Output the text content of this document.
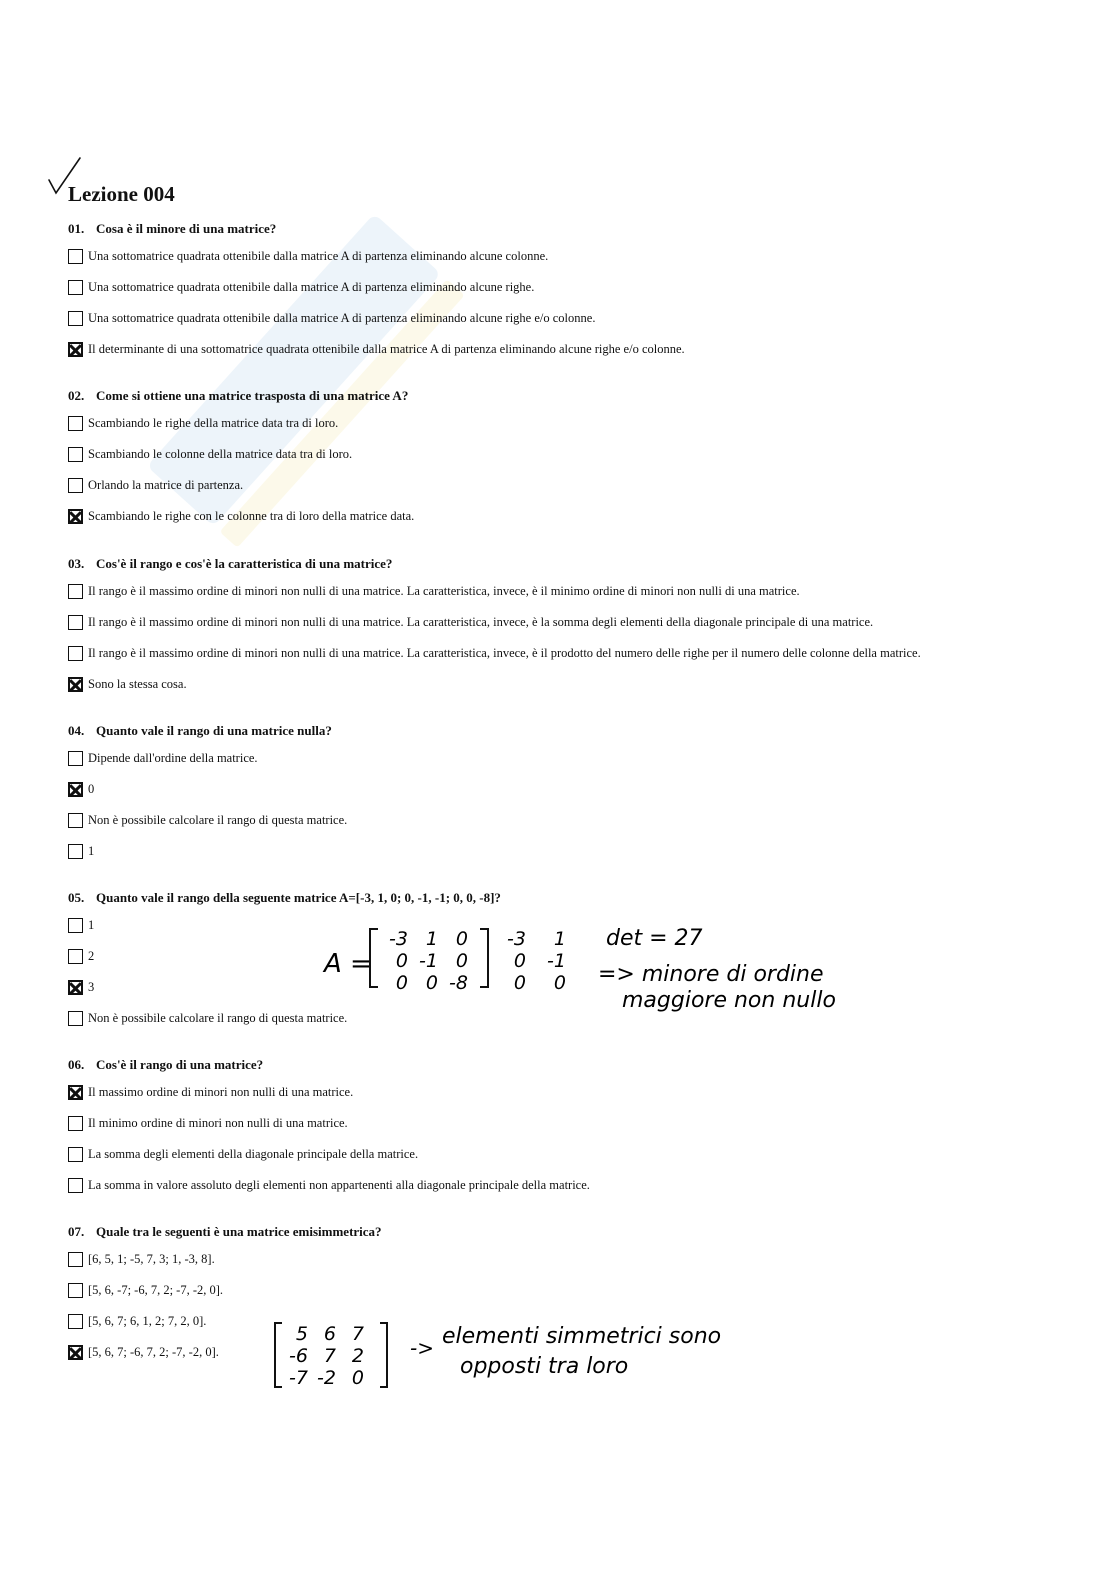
Lezione 004
01. Cosa è il minore di una matrice?
Una sottomatrice quadrata ottenibile dalla matrice A di partenza eliminando alcune colonne.
Una sottomatrice quadrata ottenibile dalla matrice A di partenza eliminando alcune righe.
Una sottomatrice quadrata ottenibile dalla matrice A di partenza eliminando alcune righe e/o colonne.
Il determinante di una sottomatrice quadrata ottenibile dalla matrice A di partenza eliminando alcune righe e/o colonne.
02. Come si ottiene una matrice trasposta di una matrice A?
Scambiando le righe della matrice data tra di loro.
Scambiando le colonne della matrice data tra di loro.
Orlando la matrice di partenza.
Scambiando le righe con le colonne tra di loro della matrice data.
03. Cos'è il rango e cos'è la caratteristica di una matrice?
Il rango è il massimo ordine di minori non nulli di una matrice. La caratteristica, invece, è il minimo ordine di minori non nulli di una matrice.
Il rango è il massimo ordine di minori non nulli di una matrice. La caratteristica, invece, è la somma degli elementi della diagonale principale di una matrice.
Il rango è il massimo ordine di minori non nulli di una matrice. La caratteristica, invece, è il prodotto del numero delle righe per il numero delle colonne della matrice.
Sono la stessa cosa.
04. Quanto vale il rango di una matrice nulla?
Dipende dall'ordine della matrice.
0
Non è possibile calcolare il rango di questa matrice.
1
05. Quanto vale il rango della seguente matrice A=[-3, 1, 0; 0, -1, -1; 0, 0, -8]?
1
2
3
Non è possibile calcolare il rango di questa matrice.
06. Cos'è il rango di una matrice?
Il massimo ordine di minori non nulli di una matrice.
Il minimo ordine di minori non nulli di una matrice.
La somma degli elementi della diagonale principale della matrice.
La somma in valore assoluto degli elementi non appartenenti alla diagonale principale della matrice.
07. Quale tra le seguenti è una matrice emisimmetrica?
[6, 5, 1; -5, 7, 3; 1, -3, 8].
[5, 6, -7; -6, 7, 2; -7, -2, 0].
[5, 6, 7; 6, 1, 2; 7, 2, 0].
[5, 6, 7; -6, 7, 2; -7, -2, 0].
A =
-3 1 0
0 -1 0
0 0 -8
-3 1
0 -1
0 0
det = 27
=> minore di ordine
maggiore non nullo
5 6 7
-6 7 2
-7 -2 0
-> elementi simmetrici sono
opposti tra loro
